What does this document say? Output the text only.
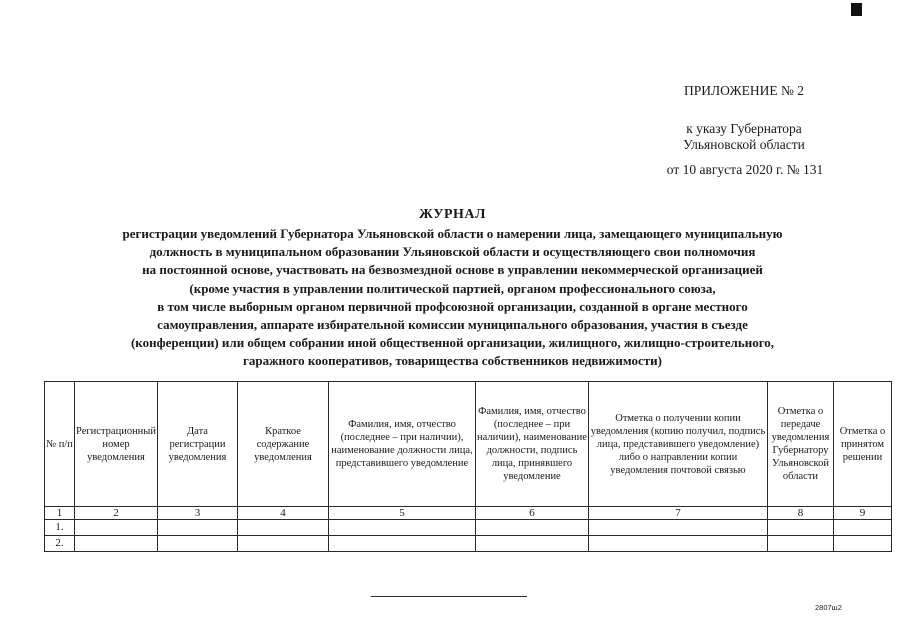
ПРИЛОЖЕНИЕ № 2
к указу Губернатора
Ульяновской области
от 10 августа 2020 г. № 131
ЖУРНАЛ
регистрации уведомлений Губернатора Ульяновской области о намерении лица, замещающего муниципальную
должность в муниципальном образовании Ульяновской области и осуществляющего свои полномочия
на постоянной основе, участвовать на безвозмездной основе в управлении некоммерческой организацией
(кроме участия в управлении политической партией, органом профессионального союза,
в том числе выборным органом первичной профсоюзной организации, созданной в органе местного
самоуправления, аппарате избирательной комиссии муниципального образования, участия в съезде
(конференции) или общем собрании иной общественной организации, жилищного, жилищно-строительного,
гаражного кооперативов, товарищества собственников недвижимости)
№ п/п	Регистрационный номер уведомления	Дата регистрации уведомления	Краткое содержание уведомления	Фамилия, имя, отчество (последнее – при наличии), наименование должности лица, представившего уведомление	Фамилия, имя, отчество (последнее – при наличии), наименование должности, подпись лица, принявшего уведомление	Отметка о получении копии уведомления (копию получил, подпись лица, представившего уведомление) либо о направлении копии уведомления почтовой связью	Отметка о передаче уведомления Губернатору Ульяновской области	Отметка о принятом решении
1	2	3	4	5	6	7	8	9
1.								
2.								
2807ш2
